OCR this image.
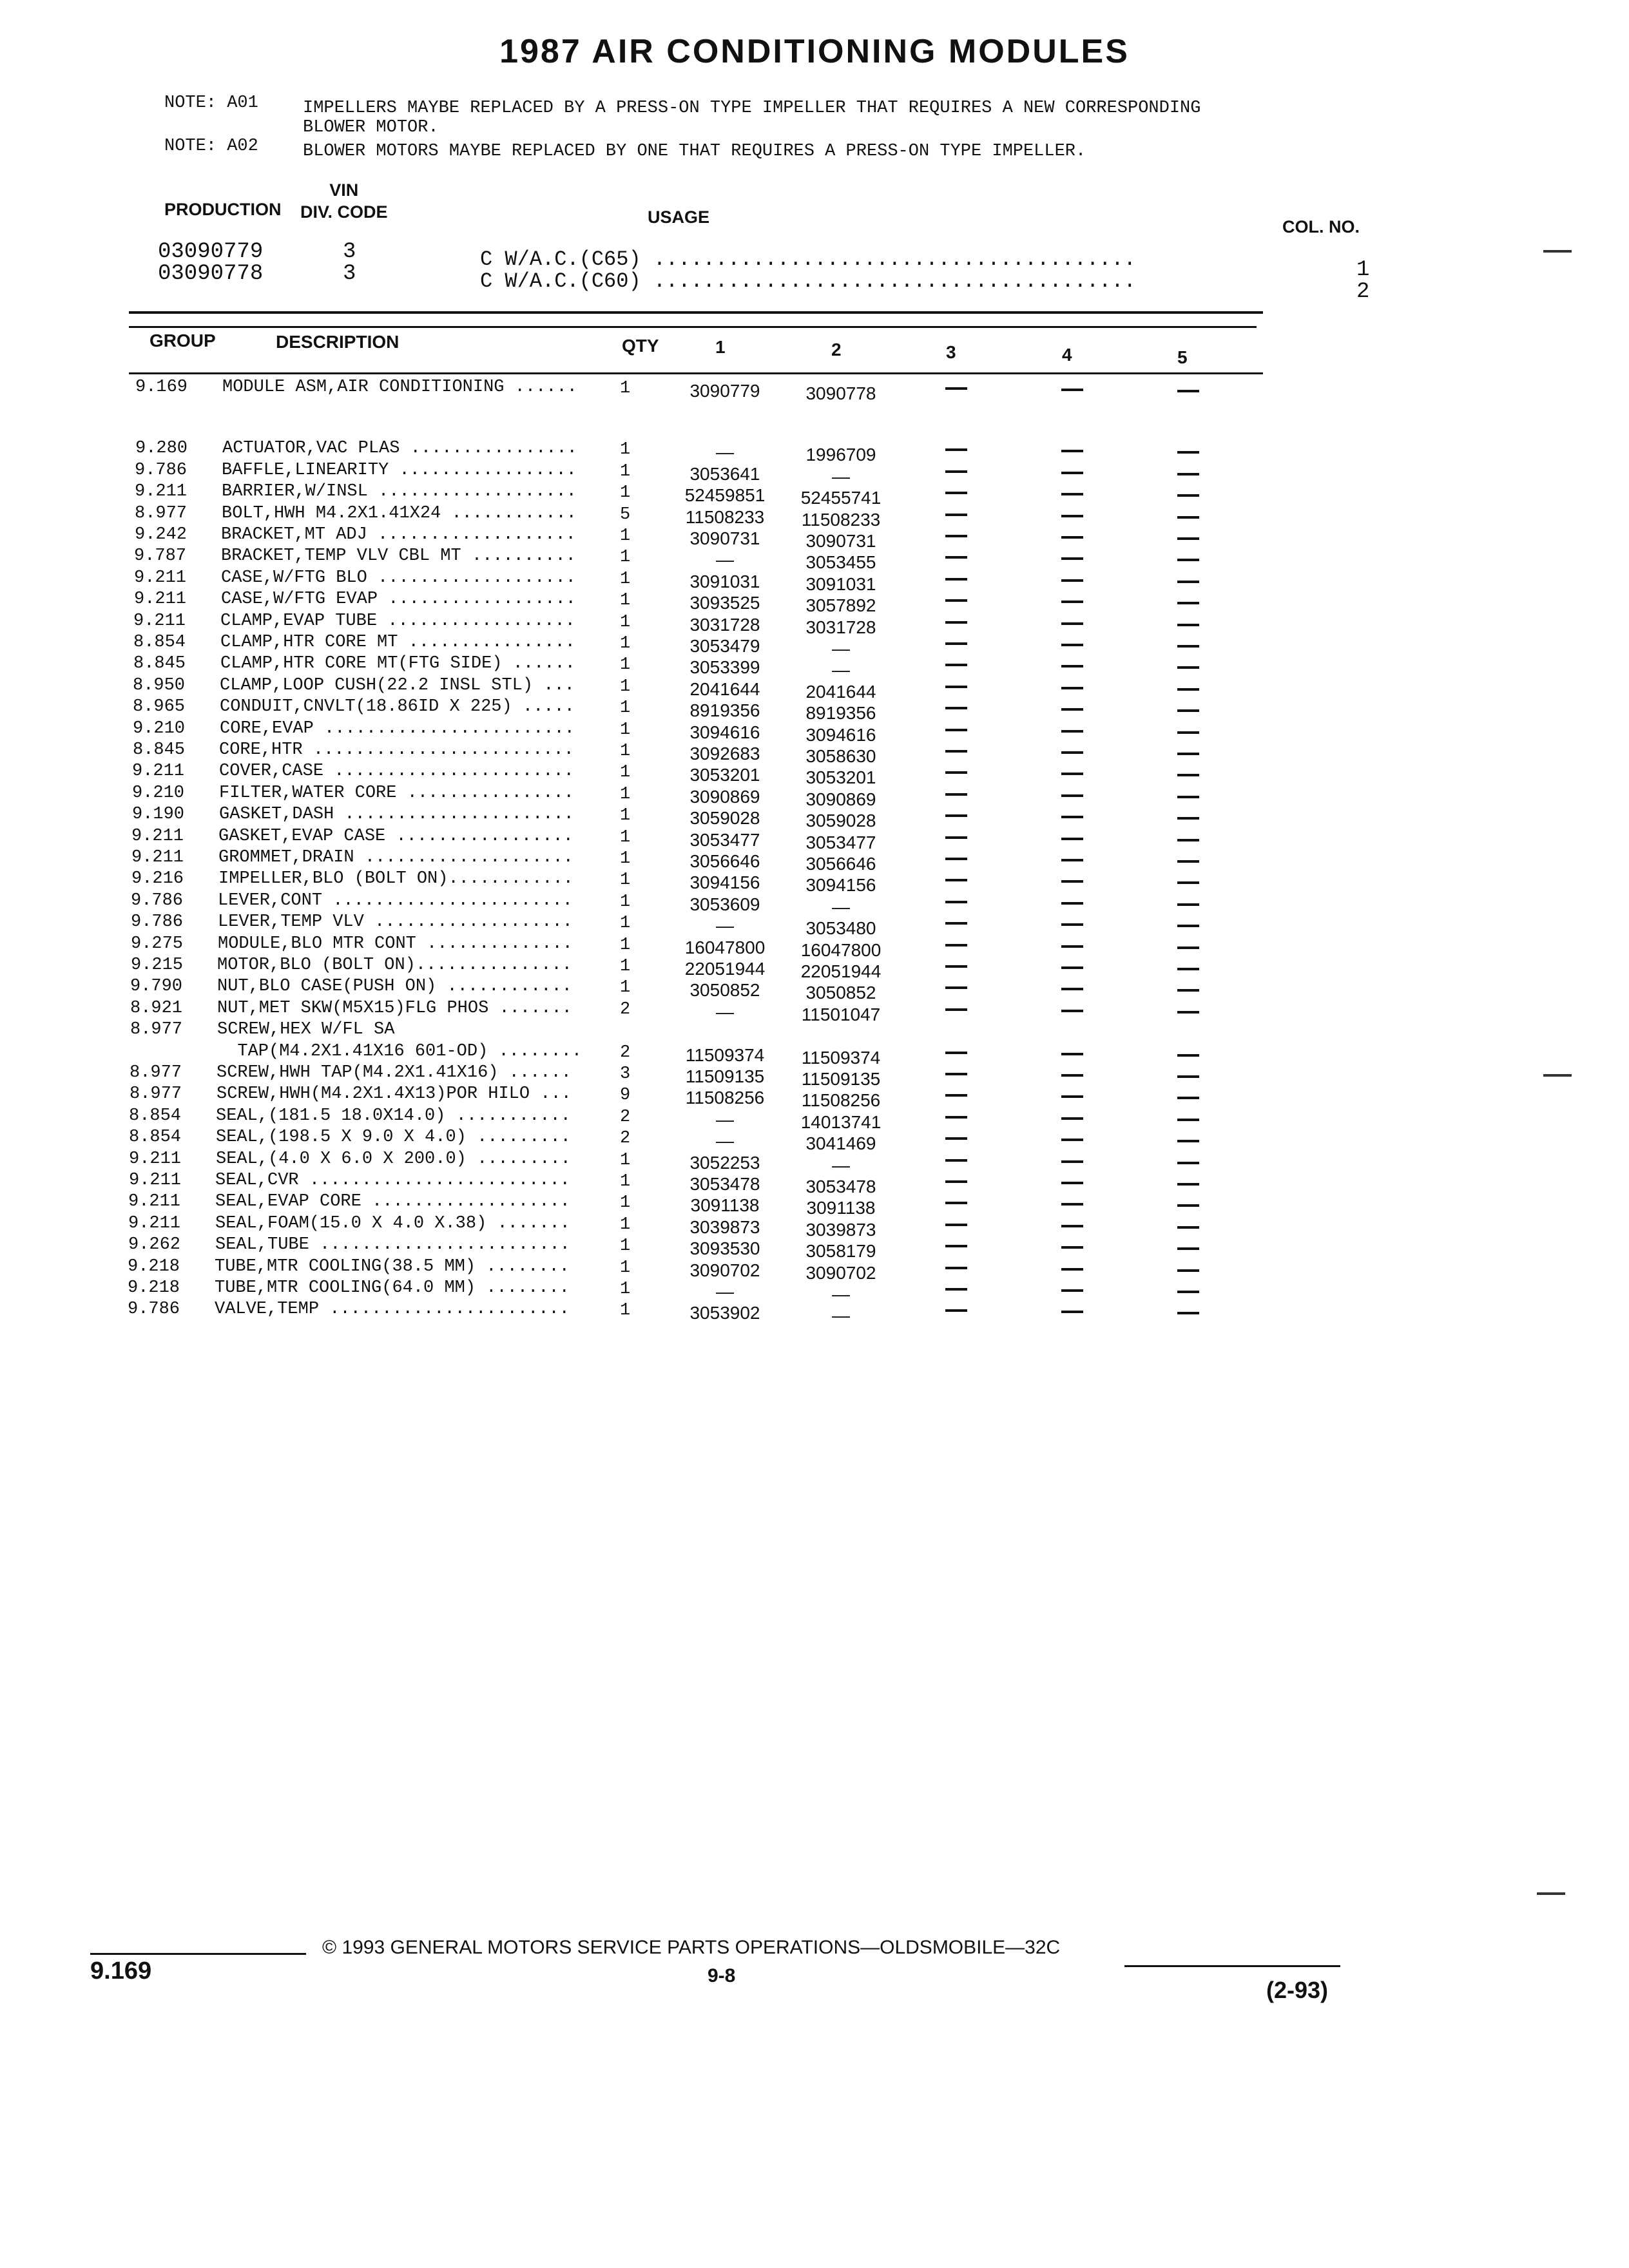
1987 AIR CONDITIONING MODULES
NOTE: A01	IMPELLERS MAYBE REPLACED BY A PRESS-ON TYPE IMPELLER THAT REQUIRES A NEW CORRESPONDING
BLOWER MOTOR.
NOTE: A02	BLOWER MOTORS MAYBE REPLACED BY ONE THAT REQUIRES A PRESS-ON TYPE IMPELLER.
PRODUCTION
VIN
DIV. CODE	USAGE	COL. NO.
03090779	3	C W/A.C.(C65) .......................................	1
03090778	3	C W/A.C.(C60) .......................................	2
GROUP	DESCRIPTION	QTY	1	2	3	4	5
9.169 MODULE ASM,AIR CONDITIONING ...... 1	3090779	3090778
9.280 ACTUATOR,VAC PLAS ................ 1	—	1996709
9.786 BAFFLE,LINEARITY ................. 1	3053641	—
9.211 BARRIER,W/INSL ................... 1	52459851	52455741
8.977 BOLT,HWH M4.2X1.41X24 ............ 5	11508233	11508233
9.242 BRACKET,MT ADJ ...................	1	3090731	3090731
9.787 BRACKET,TEMP VLV CBL MT ..........	1	—	3053455
9.211 CASE,W/FTG BLO ...................	1	3091031	3091031
9.211 CASE,W/FTG EVAP ..................	1	3093525	3057892
9.211 CLAMP,EVAP TUBE ..................	1	3031728	3031728
8.854 CLAMP,HTR CORE MT ................	1	3053479	—
8.845 CLAMP,HTR CORE MT(FTG SIDE) ......	1	3053399	—
8.950 CLAMP,LOOP CUSH(22.2 INSL STL) ...	1	2041644	2041644
8.965 CONDUIT,CNVLT(18.86ID X 225) .....	1	8919356	8919356
9.210 CORE,EVAP ........................	1	3094616	3094616
8.845 CORE,HTR .........................	1	3092683	3058630
9.211 COVER,CASE .......................	1	3053201	3053201
9.210 FILTER,WATER CORE ................	1	3090869	3090869
9.190 GASKET,DASH ......................	1	3059028	3059028
9.211 GASKET,EVAP CASE .................	1	3053477	3053477
9.211 GROMMET,DRAIN ....................	1	3056646	3056646
9.216 IMPELLER,BLO (BOLT ON)............	1	3094156	3094156
9.786 LEVER,CONT .......................	1	3053609	—
9.786 LEVER,TEMP VLV ...................	1	—	3053480
9.275 MODULE,BLO MTR CONT ..............	1	16047800	16047800
9.215 MOTOR,BLO (BOLT ON)...............	1	22051944	22051944
9.790 NUT,BLO CASE(PUSH ON) ............	1	3050852	3050852
8.921 NUT,MET SKW(M5X15)FLG PHOS .......	2	—	11501047
8.977 SCREW,HEX W/FL SA
TAP(M4.2X1.41X16 601-OD) ........ 2	11509374	11509374
8.977 SCREW,HWH TAP(M4.2X1.41X16) ......	3	11509135	11509135
8.977 SCREW,HWH(M4.2X1.4X13)POR HILO ...	9	11508256	11508256
8.854 SEAL,(181.5 18.0X14.0) ...........	2	—	14013741
8.854 SEAL,(198.5 X 9.0 X 4.0) .........	2	—	3041469
9.211 SEAL,(4.0 X 6.0 X 200.0) .........	1	3052253	—
9.211 SEAL,CVR .........................	1	3053478	3053478
9.211 SEAL,EVAP CORE ...................	1	3091138	3091138
9.211 SEAL,FOAM(15.0 X 4.0 X.38) .......	1	3039873	3039873
9.262 SEAL,TUBE ........................	1	3093530	3058179
9.218 TUBE,MTR COOLING(38.5 MM) ........	1	3090702	3090702
9.218 TUBE,MTR COOLING(64.0 MM) ........	1	—	—
9.786 VALVE,TEMP .......................	1	3053902	—
9.169
© 1993 GENERAL MOTORS SERVICE PARTS OPERATIONS—OLDSMOBILE—32C
9-8
(2-93)
